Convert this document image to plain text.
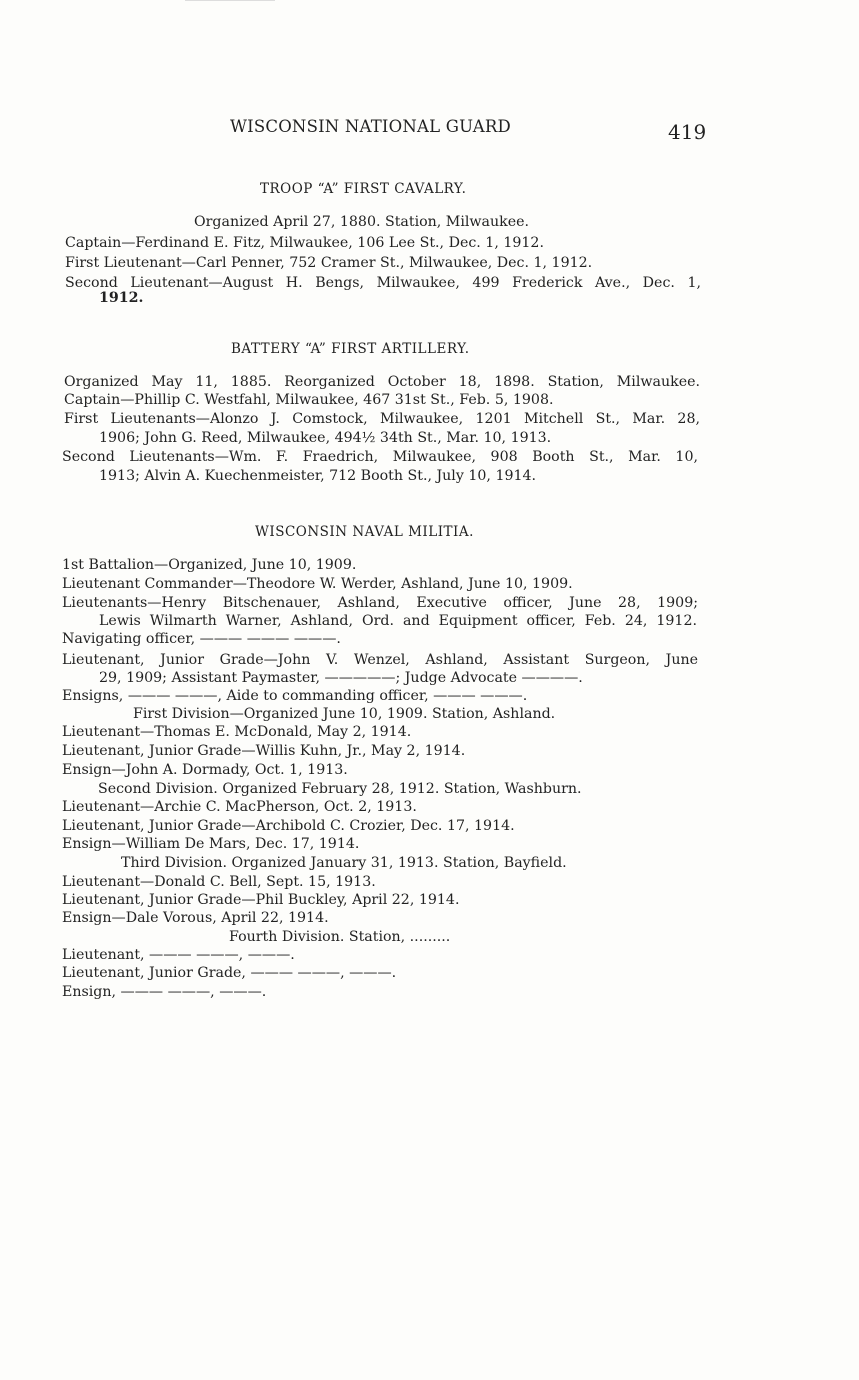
WISCONSIN NATIONAL GUARD	419
TROOP “A” FIRST CAVALRY.
Organized April 27, 1880. Station, Milwaukee.
Captain—Ferdinand E. Fitz, Milwaukee, 106 Lee St., Dec. 1, 1912.
First Lieutenant—Carl Penner, 752 Cramer St., Milwaukee, Dec. 1, 1912.
Second Lieutenant—August H. Bengs, Milwaukee, 499 Frederick Ave., Dec. 1,
1912.
BATTERY “A” FIRST ARTILLERY.
Organized May 11, 1885. Reorganized October 18, 1898. Station, Milwaukee.
Captain—Phillip C. Westfahl, Milwaukee, 467 31st St., Feb. 5, 1908.
First Lieutenants—Alonzo J. Comstock, Milwaukee, 1201 Mitchell St., Mar. 28,
1906; John G. Reed, Milwaukee, 494½ 34th St., Mar. 10, 1913.
Second Lieutenants—Wm. F. Fraedrich, Milwaukee, 908 Booth St., Mar. 10,
1913; Alvin A. Kuechenmeister, 712 Booth St., July 10, 1914.
WISCONSIN NAVAL MILITIA.
1st Battalion—Organized, June 10, 1909.
Lieutenant Commander—Theodore W. Werder, Ashland, June 10, 1909.
Lieutenants—Henry Bitschenauer, Ashland, Executive officer, June 28, 1909;
Lewis Wilmarth Warner, Ashland, Ord. and Equipment officer, Feb. 24, 1912.
Navigating officer, ——— ——— ———.
Lieutenant, Junior Grade—John V. Wenzel, Ashland, Assistant Surgeon, June
29, 1909; Assistant Paymaster, —————; Judge Advocate ————.
Ensigns, ——— ———, Aide to commanding officer, ——— ———.
First Division—Organized June 10, 1909. Station, Ashland.
Lieutenant—Thomas E. McDonald, May 2, 1914.
Lieutenant, Junior Grade—Willis Kuhn, Jr., May 2, 1914.
Ensign—John A. Dormady, Oct. 1, 1913.
Second Division. Organized February 28, 1912. Station, Washburn.
Lieutenant—Archie C. MacPherson, Oct. 2, 1913.
Lieutenant, Junior Grade—Archibold C. Crozier, Dec. 17, 1914.
Ensign—William De Mars, Dec. 17, 1914.
Third Division. Organized January 31, 1913. Station, Bayfield.
Lieutenant—Donald C. Bell, Sept. 15, 1913.
Lieutenant, Junior Grade—Phil Buckley, April 22, 1914.
Ensign—Dale Vorous, April 22, 1914.
Fourth Division. Station, .........
Lieutenant, ——— ———, ———.
Lieutenant, Junior Grade, ——— ———, ———.
Ensign, ——— ———, ———.
